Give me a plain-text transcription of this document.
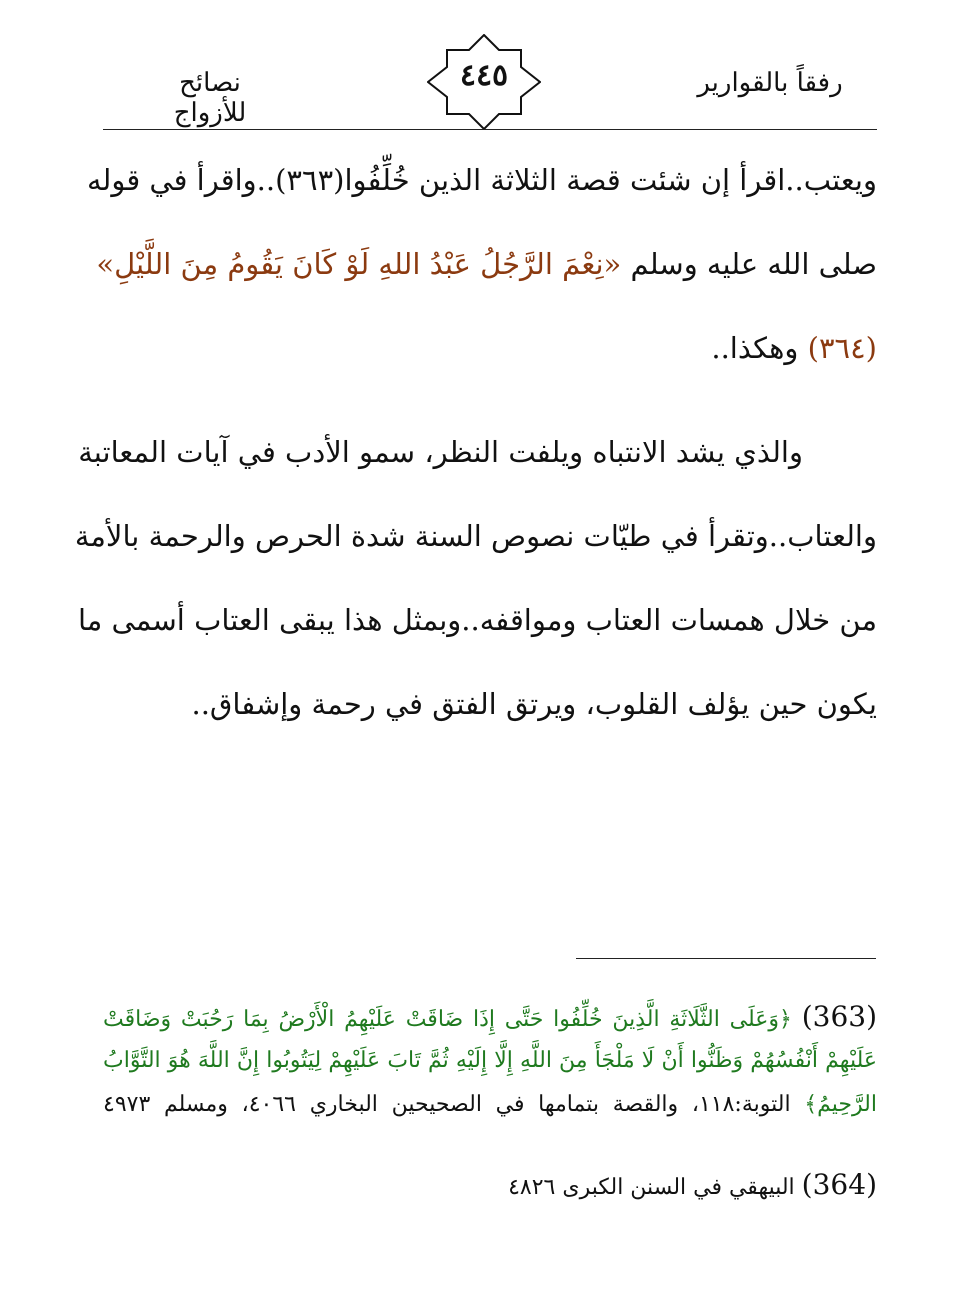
نصائح للأزواج
٤٤٥	رفقاً بالقوارير
ويعتب..اقرأ إن شئت قصة الثلاثة الذين خُلِّفُوا(٣٦٣)..واقرأ في قوله
صلى الله عليه وسلم «نِعْمَ الرَّجُلُ عَبْدُ اللهِ لَوْ كَانَ يَقُومُ مِنَ اللَّيْلِ»
(٣٦٤) وهكذا..
والذي يشد الانتباه ويلفت النظر، سمو الأدب في آيات المعاتبة
والعتاب..وتقرأ في طيّات نصوص السنة شدة الحرص والرحمة بالأمة
من خلال همسات العتاب ومواقفه..وبمثل هذا يبقى العتاب أسمى ما
يكون حين يؤلف القلوب، ويرتق الفتق في رحمة وإشفاق..
(363) ﴿وَعَلَى الثَّلَاثَةِ الَّذِينَ خُلِّفُوا حَتَّى إِذَا ضَاقَتْ عَلَيْهِمُ الْأَرْضُ بِمَا رَحُبَتْ وَضَاقَتْ
عَلَيْهِمْ أَنْفُسُهُمْ وَظَنُّوا أَنْ لَا مَلْجَأَ مِنَ اللَّهِ إِلَّا إِلَيْهِ ثُمَّ تَابَ عَلَيْهِمْ لِيَتُوبُوا إِنَّ اللَّهَ هُوَ التَّوَّابُ
الرَّحِيمُ﴾ التوبة:١١٨، والقصة بتمامها في الصحيحين البخاري ٤٠٦٦، ومسلم ٤٩٧٣
(364) البيهقي في السنن الكبرى ٤٨٢٦
